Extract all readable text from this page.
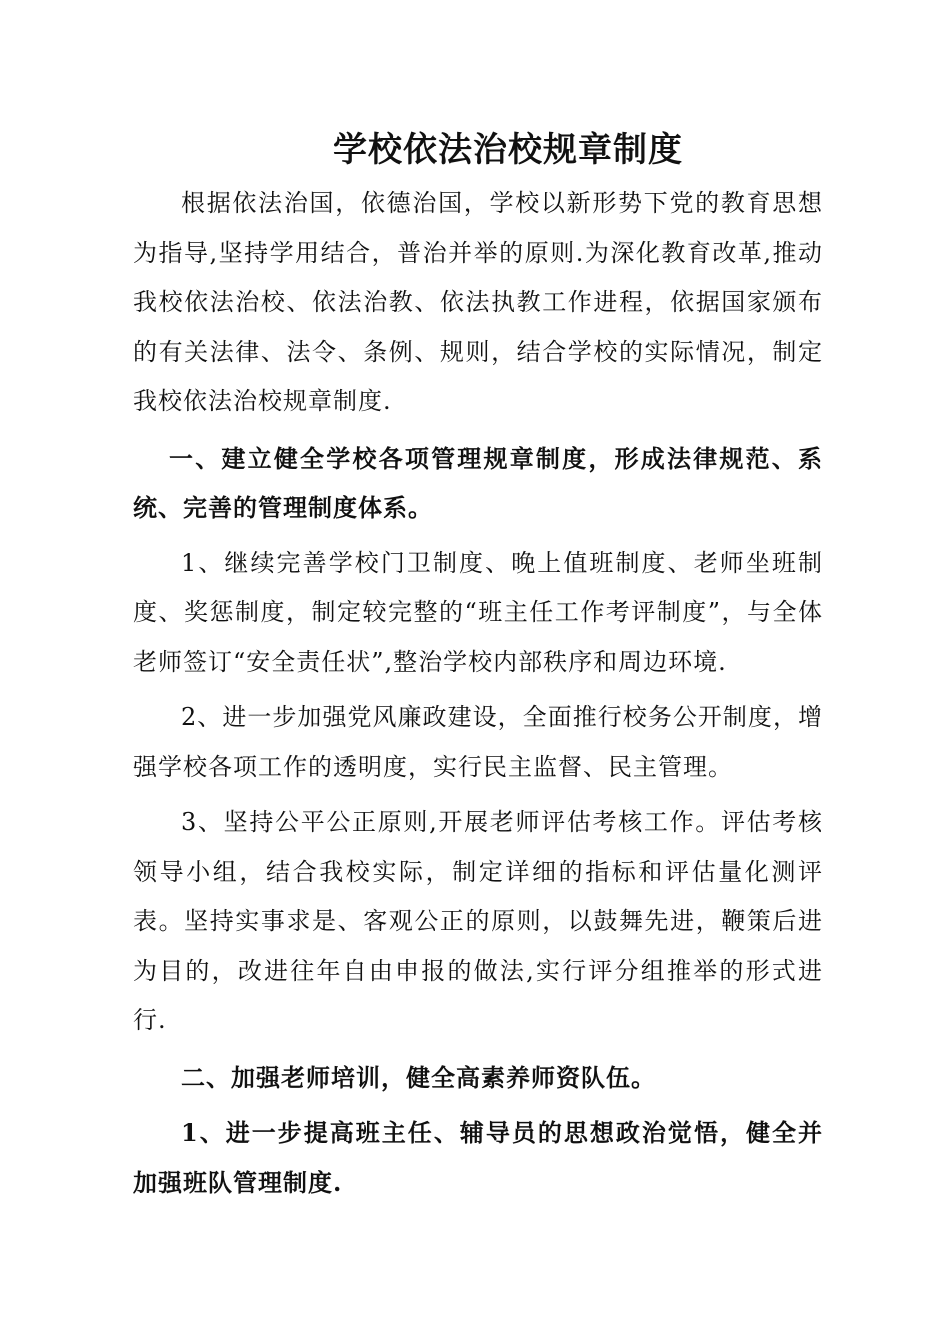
学校依法治校规章制度

根据依法治国，依德治国，学校以新形势下党的教育思想为指导,坚持学用结合，普治并举的原则.为深化教育改革,推动我校依法治校、依法治教、依法执教工作进程，依据国家颁布的有关法律、法令、条例、规则，结合学校的实际情况，制定我校依法治校规章制度.

一、建立健全学校各项管理规章制度，形成法律规范、系统、完善的管理制度体系。

1、继续完善学校门卫制度、晚上值班制度、老师坐班制度、奖惩制度，制定较完整的“班主任工作考评制度”，与全体老师签订“安全责任状”,整治学校内部秩序和周边环境.

2、进一步加强党风廉政建设，全面推行校务公开制度，增强学校各项工作的透明度，实行民主监督、民主管理。

3、坚持公平公正原则,开展老师评估考核工作。评估考核领导小组，结合我校实际，制定详细的指标和评估量化测评表。坚持实事求是、客观公正的原则，以鼓舞先进，鞭策后进为目的，改进往年自由申报的做法,实行评分组推举的形式进行.

二、加强老师培训，健全高素养师资队伍。

1、进一步提高班主任、辅导员的思想政治觉悟，健全并加强班队管理制度.
